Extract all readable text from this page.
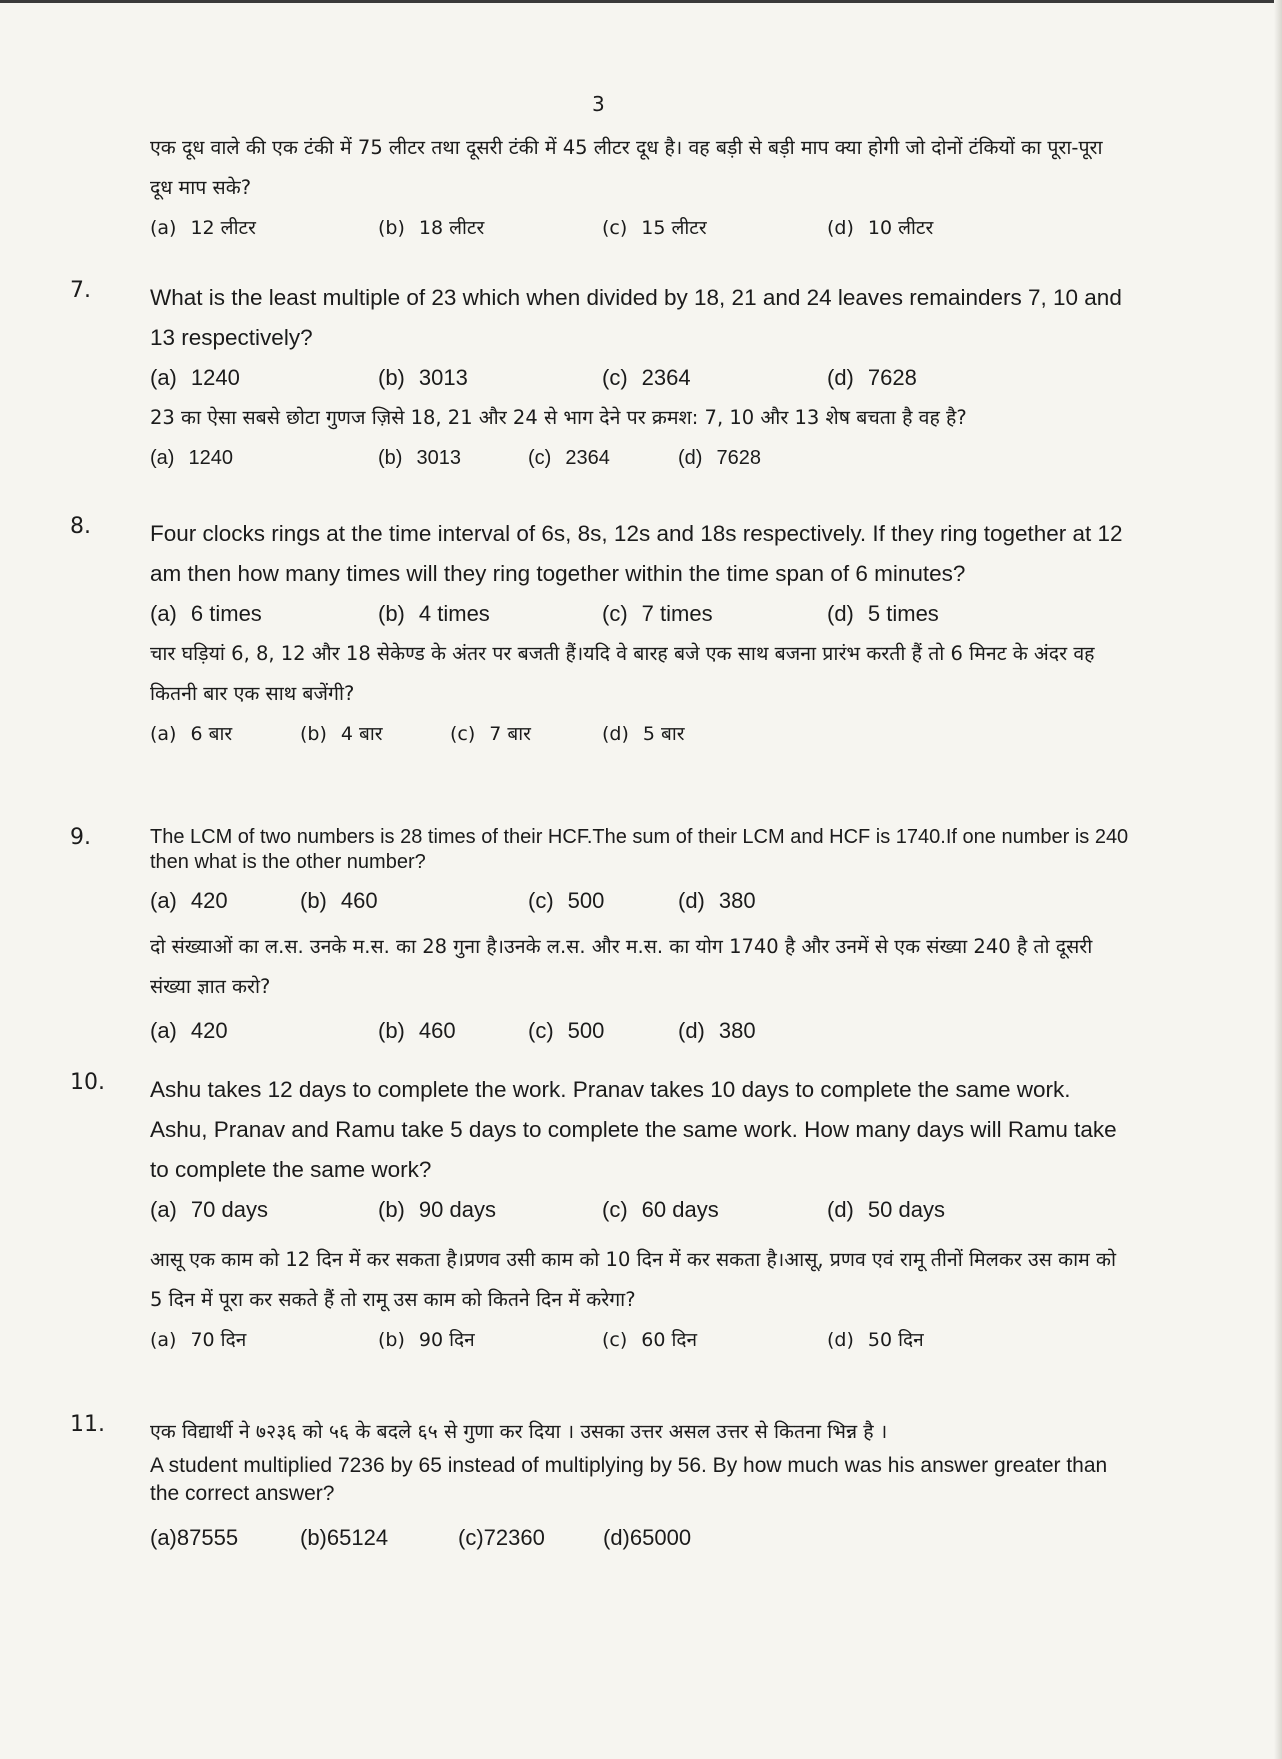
3

एक दूध वाले की एक टंकी में 75 लीटर तथा दूसरी टंकी में 45 लीटर दूध है। वह बड़ी से बड़ी माप क्या होगी जो दोनों टंकियों का पूरा-पूरा दूध माप सके?

(a) 12 लीटर	(b) 18 लीटर	(c) 15 लीटर	(d) 10 लीटर
7.	What is the least multiple of 23 which when divided by 18, 21 and 24 leaves remainders 7, 10 and 13 respectively?

(a) 1240	(b) 3013	(c) 2364	(d) 7628

23 का ऐसा सबसे छोटा गुणज ज़िसे 18, 21 और 24 से भाग देने पर क्रमश: 7, 10 और 13 शेष बचता है वह है?

(a) 1240	(b) 3013	(c) 2364	(d) 7628
8.	Four clocks rings at the time interval of 6s, 8s, 12s and 18s respectively. If they ring together at 12 am then how many times will they ring together within the time span of 6 minutes?

(a) 6 times	(b) 4 times	(c) 7 times	(d) 5 times

चार घड़ियां 6, 8, 12 और 18 सेकेण्ड के अंतर पर बजती हैं।यदि वे बारह बजे एक साथ बजना प्रारंभ करती हैं तो 6 मिनट के अंदर वह कितनी बार एक साथ बजेंगी?

(a) 6 बार	(b) 4 बार	(c) 7 बार	(d) 5 बार
9.	The LCM of two numbers is 28 times of their HCF.The sum of their LCM and HCF is 1740.If one number is 240 then what is the other number?

(a) 420	(b) 460	(c) 500	(d) 380

दो संख्याओं का ल.स. उनके म.स. का 28 गुना है।उनके ल.स. और म.स. का योग 1740 है और उनमें से एक संख्या 240 है तो दूसरी संख्या ज्ञात करो?

(a) 420	(b) 460	(c) 500	(d) 380
10. Ashu takes 12 days to complete the work. Pranav takes 10 days to complete the same work. Ashu, Pranav and Ramu take 5 days to complete the same work. How many days will Ramu take to complete the same work?

(a) 70 days	(b) 90 days	(c) 60 days	(d) 50 days

आसू एक काम को 12 दिन में कर सकता है।प्रणव उसी काम को 10 दिन में कर सकता है।आसू, प्रणव एवं रामू तीनों मिलकर उस काम को 5 दिन में पूरा कर सकते हैं तो रामू उस काम को कितने दिन में करेगा?

(a) 70 दिन	(b) 90 दिन	(c) 60 दिन	(d) 50 दिन
11. एक विद्यार्थी ने ७२३६ को ५६ के बदले ६५ से गुणा कर दिया । उसका उत्तर असल उत्तर से कितना भिन्न है ।

A student multiplied 7236 by 65 instead of multiplying by 56. By how much was his answer greater than the correct answer?

(a)87555	(b)65124	(c)72360	(d)65000
